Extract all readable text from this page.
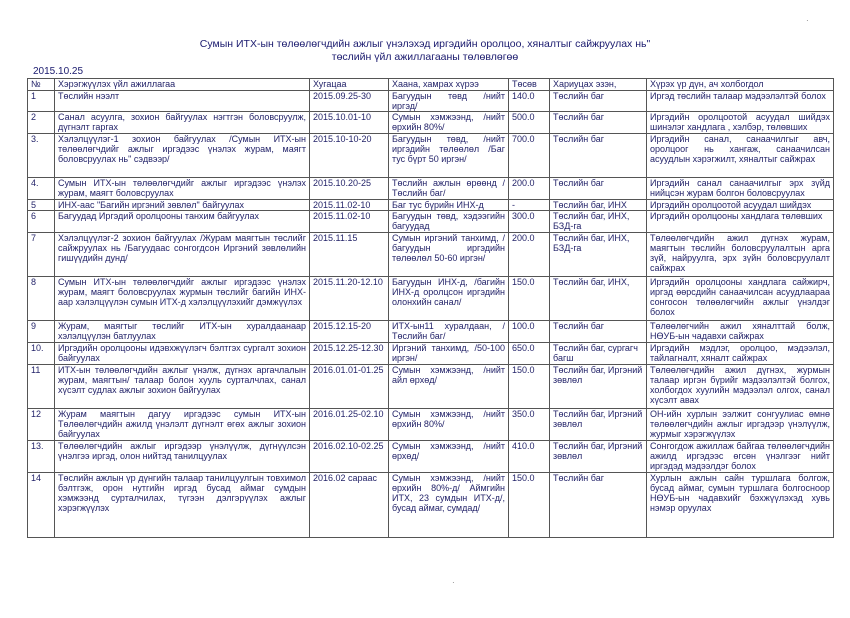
Сумын ИТХ-ын төлөөлөгчдийн ажлыг үнэлэхэд иргэдийн оролцоо, хяналтыг сайжруулах нь"
төслийн үйл ажиллагааны төлөвлөгөө
2015.10.25
№	Хэрэгжүүлэх үйл ажиллагаа	Хугацаа	Хаана, хамрах хүрээ	Төсөв	Хариуцах эзэн,	Хүрэх үр дүн, ач холбогдол
1	Төслийн нээлт	2015.09.25-30	Багуудын төвд /нийт иргэд/	140.0	Төслийн баг	Иргэд төслийн талаар мэдээлэлтэй болох
2	Санал асуулга, зохион байгуулах нэгтгэн боловсруулж, дүгнэлт гаргах	2015.10.01-10	Сумын хэмжээнд, /нийт өрхийн 80%/	500.0	Төслийн баг	Иргэдийн оролцоотой асуудал шийдэх шинэлэг хандлага , хэлбэр, төлөвших
3.	Хэлэлцүүлэг-1 зохион байгуулах /Сумын ИТХ-ын төлөөлөгчдийг ажлыг иргэдээс үнэлэх журам, маягт боловсруулах нь" сэдвээр/	2015.10-10-20	Багуудын төвд, /нийт иргэдийн төлөөлөл /Баг тус бүрт 50 иргэн/	700.0	Төслийн баг	Иргэдийн санал, санаачилгыг авч, оролцоог нь хангаж, санаачилсан асуудлын хэрэгжилт, хяналтыг сайжрах
4.	Сумын ИТХ-ын төлөөлөгчдийг ажлыг иргэдээс үнэлэх журам, маягт боловсруулах	2015.10.20-25	Төслийн ажлын өрөөнд /Төслийн баг/	200.0	Төслийн баг	Иргэдийн санал санаачилгыг эрх зүйд нийцсэн журам болгон боловсруулах
5	ИНХ-аас "Багийн иргэний зөвлөл" байгуулах	2015.11.02-10	Баг тус бүрийн ИНХ-д	-	Төслийн баг, ИНХ	Иргэдийн оролцоотой асуудал шийдэх
6	Багуудад Иргэдий оролцооны танхим байгуулах	2015.11.02-10	Багуудын төвд, хэдээгийн багуудад	300.0	Төслийн баг, ИНХ, БЗД-га	Иргэдийн оролцооны хандлага төлөвших
7	Хэлэлцүүлэг-2 зохион байгуулах /Журам маягтын төслийг сайжруулах нь /Багуудаас сонгогдсон Иргэний зөвлөлийн гишүүдийн дунд/	2015.11.15	Сумын иргэний танхимд, /багуудын иргэдийн төлөөлөл 50-60 иргэн/	200.0	Төслийн баг, ИНХ, БЗД-га	Төлөөлөгчдийн ажил дүгнэх журам, маягтын төслийн боловсруулалтын арга зүй, найруулга, эрх зүйн боловсруулалт сайжрах
8	Сумын ИТХ-ын төлөөлөгчдийг ажлыг иргэдээс үнэлэх журам, маягт боловсруулах журмын төслийг багийн ИНХ-аар хэлэлцүүлэн сумын ИТХ-д хэлэлцүүлэхийг дэмжүүлэх	2015.11.20-12.10	Багуудын ИНХ-д, /багийн ИНХ-д оролцсон иргэдийн олонхийн санал/	150.0	Төслийн баг, ИНХ,	Иргэдийн оролцооны хандлага сайжирч, иргэд өөрсдийн санаачилсан асуудлаараа сонгосон төлөөлөгчийн ажлыг үнэлдэг болох
9	Журам, маягтыг төслийг ИТХ-ын хуралдаанаар хэлэлцүүлэн батлуулах	2015.12.15-20	ИТХ-ын11 хуралдаан, /Төслийн баг/	100.0	Төслийн баг	Төлөөлөгчийн ажил хяналттай болж, НӨУБ-ын чадавхи сайжрах
10.	Иргэдийн оролцооны идэвхжүүлэгч бэлтгэх сургалт зохион байгуулах	2015.12.25-12.30	Иргэний танхимд, /50-100 иргэн/	650.0	Төслийн баг, сургагч багш	Иргэдийн мэдлэг, оролцоо, мэдээлэл, тайлагналт, хяналт сайжрах
11	ИТХ-ын төлөөлөгчдийн ажлыг үнэлж, дүгнэх аргачлалын журам, маягтын/ талаар болон хууль сурталчлах, санал хүсэлт судлах ажлыг зохион байгуулах	2016.01.01-01.25	Сумын хэмжээнд, /нийт айл өрхөд/	150.0	Төслийн баг, Иргэний зөвлөл	Төлөөлөгчдийн ажил дүгнэх, журмын талаар иргэн бүрийг мэдээлэлтэй болгох, холбогдох хуулийн мэдээлэл олгох, санал хүсэлт авах
12	Журам маягтын дагуу иргэдээс сумын ИТХ-ын Төлөөлөгчдийн ажилд үнэлэлт дүгнэлт өгөх ажлыг зохион байгуулах	2016.01.25-02.10	Сумын хэмжээнд, /нийт өрхийн 80%/	350.0	Төслийн баг, Иргэний зөвлөл	ОН-ийн хурлын ээлжит сонгуулиас өмнө төлөөлөгчдийн ажлыг иргэдээр үнэлүүлж, журмыг хэрэгжүүлэх
13.	Төлөөлөгчдийн ажлыг иргэдээр үнэлүүлж, дүгнүүлсэн үнэлгээ иргэд, олон нийтэд танилцуулах	2016.02.10-02.25	Сумын хэмжээнд, /нийт өрхөд/	410.0	Төслийн баг, Иргэний зөвлөл	Сонгогдож ажиллаж байгаа төлөөлөгчдийн ажилд иргэдээс өгсөн үнэлгээг нийт иргэдэд мэдээлдэг болох
14	Төслийн ажлын үр дүнгийн талаар танилцуулгын товхимол бэлтгэж, орон нутгийн иргэд бусад аймаг сумдын хэмжээнд сурталчилах, түгээн дэлгэрүүлэх ажлыг хэрэгжүүлэх	2016.02 сараас	Сумын хэмжээнд, /нийт өрхийн 80%-д/ Аймгийн ИТХ, 23 сумдын ИТХ-д/, бусад аймаг, сумдад/	150.0	Төслийн баг	Хурлын ажлын сайн туршлага болгож, бусад аймаг, сумын туршлага болгосноор НӨУБ-ын чадавхийг бэхжүүлэхэд хувь нэмэр оруулах
·
·
